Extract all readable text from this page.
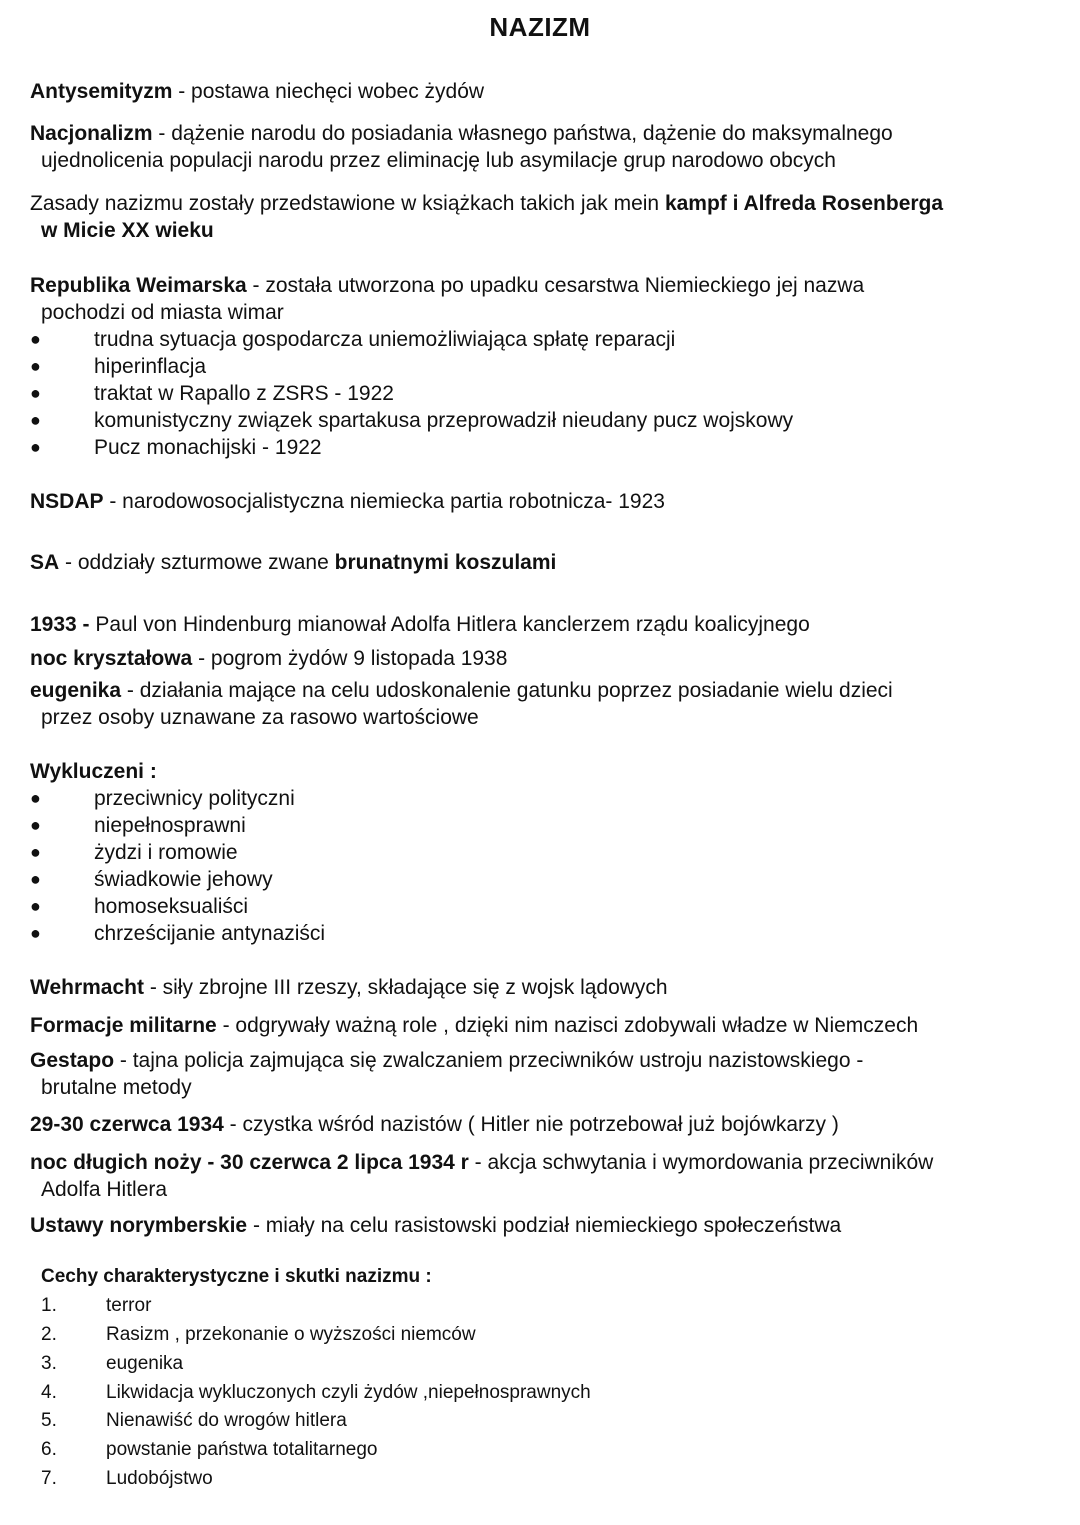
NAZIZM
Antysemityzm - postawa niechęci wobec żydów
Nacjonalizm - dążenie narodu do posiadania własnego państwa, dążenie do maksymalnego
ujednolicenia populacji narodu przez eliminację lub asymilacje grup narodowo obcych
Zasady nazizmu zostały przedstawione w książkach takich jak mein kampf i Alfreda Rosenberga
w Micie XX wieku
Republika Weimarska - została utworzona po upadku cesarstwa Niemieckiego jej nazwa
pochodzi od miasta wimar
●	trudna sytuacja gospodarcza uniemożliwiająca spłatę reparacji
●	hiperinflacja
●	traktat w Rapallo z ZSRS - 1922
●	komunistyczny związek spartakusa przeprowadził nieudany pucz wojskowy
●	Pucz monachijski - 1922
NSDAP - narodowosocjalistyczna niemiecka partia robotnicza- 1923
SA - oddziały szturmowe zwane brunatnymi koszulami
1933 - Paul von Hindenburg mianował Adolfa Hitlera kanclerzem rządu koalicyjnego
noc kryształowa - pogrom żydów 9 listopada 1938
eugenika - działania mające na celu udoskonalenie gatunku poprzez posiadanie wielu dzieci
przez osoby uznawane za rasowo wartościowe
Wykluczeni :
●	przeciwnicy polityczni
●	niepełnosprawni
●	żydzi i romowie
●	świadkowie jehowy
●	homoseksualiści
●	chrześcijanie antynaziści
Wehrmacht - siły zbrojne III rzeszy, składające się z wojsk lądowych
Formacje militarne - odgrywały ważną role , dzięki nim nazisci zdobywali władze w Niemczech
Gestapo - tajna policja zajmująca się zwalczaniem przeciwników ustroju nazistowskiego -
brutalne metody
29-30 czerwca 1934 - czystka wśród nazistów ( Hitler nie potrzebował już bojówkarzy )
noc długich noży - 30 czerwca 2 lipca 1934 r - akcja schwytania i wymordowania przeciwników
Adolfa Hitlera
Ustawy norymberskie - miały na celu rasistowski podział niemieckiego społeczeństwa
Cechy charakterystyczne i skutki nazizmu :
1.	terror
2.	Rasizm , przekonanie o wyższości niemców
3.	eugenika
4.	Likwidacja wykluczonych czyli żydów ,niepełnosprawnych
5.	Nienawiść do wrogów hitlera
6.	powstanie państwa totalitarnego
7.	Ludobójstwo
